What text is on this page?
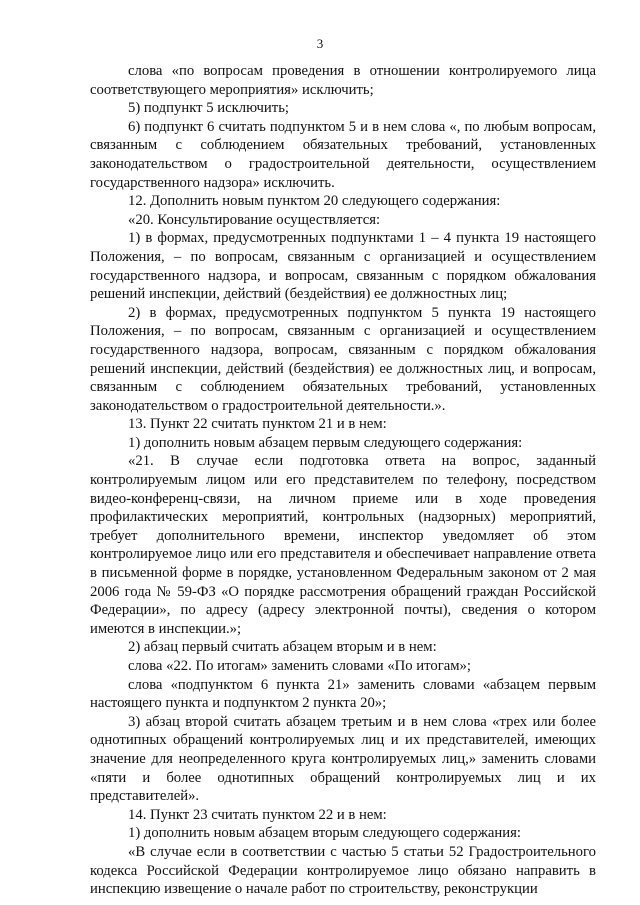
3

слова «по вопросам проведения в отношении контролируемого лица соответствующего мероприятия» исключить;

5) подпункт 5 исключить;

6) подпункт 6 считать подпунктом 5 и в нем слова «, по любым вопросам, связанным с соблюдением обязательных требований, установленных законодательством о градостроительной деятельности, осуществлением государственного надзора» исключить.

12. Дополнить новым пунктом 20 следующего содержания:

«20. Консультирование осуществляется:

1) в формах, предусмотренных подпунктами 1 – 4 пункта 19 настоящего Положения, – по вопросам, связанным с организацией и осуществлением государственного надзора, и вопросам, связанным с порядком обжалования решений инспекции, действий (бездействия) ее должностных лиц;

2) в формах, предусмотренных подпунктом 5 пункта 19 настоящего Положения, – по вопросам, связанным с организацией и осуществлением государственного надзора, вопросам, связанным с порядком обжалования решений инспекции, действий (бездействия) ее должностных лиц, и вопросам, связанным с соблюдением обязательных требований, установленных законодательством о градостроительной деятельности.».

13. Пункт 22 считать пунктом 21 и в нем:

1) дополнить новым абзацем первым следующего содержания:

«21. В случае если подготовка ответа на вопрос, заданный контролируемым лицом или его представителем по телефону, посредством видео-конференц-связи, на личном приеме или в ходе проведения профилактических мероприятий, контрольных (надзорных) мероприятий, требует дополнительного времени, инспектор уведомляет об этом контролируемое лицо или его представителя и обеспечивает направление ответа в письменной форме в порядке, установленном Федеральным законом от 2 мая 2006 года № 59-ФЗ «О порядке рассмотрения обращений граждан Российской Федерации», по адресу (адресу электронной почты), сведения о котором имеются в инспекции.»;

2) абзац первый считать абзацем вторым и в нем:

слова «22. По итогам» заменить словами «По итогам»;

слова «подпунктом 6 пункта 21» заменить словами «абзацем первым настоящего пункта и подпунктом 2 пункта 20»;

3) абзац второй считать абзацем третьим и в нем слова «трех или более однотипных обращений контролируемых лиц и их представителей, имеющих значение для неопределенного круга контролируемых лиц,» заменить словами «пяти и более однотипных обращений контролируемых лиц и их представителей».

14. Пункт 23 считать пунктом 22 и в нем:

1) дополнить новым абзацем вторым следующего содержания:

«В случае если в соответствии с частью 5 статьи 52 Градостроительного кодекса Российской Федерации контролируемое лицо обязано направить в инспекцию извещение о начале работ по строительству, реконструкции
